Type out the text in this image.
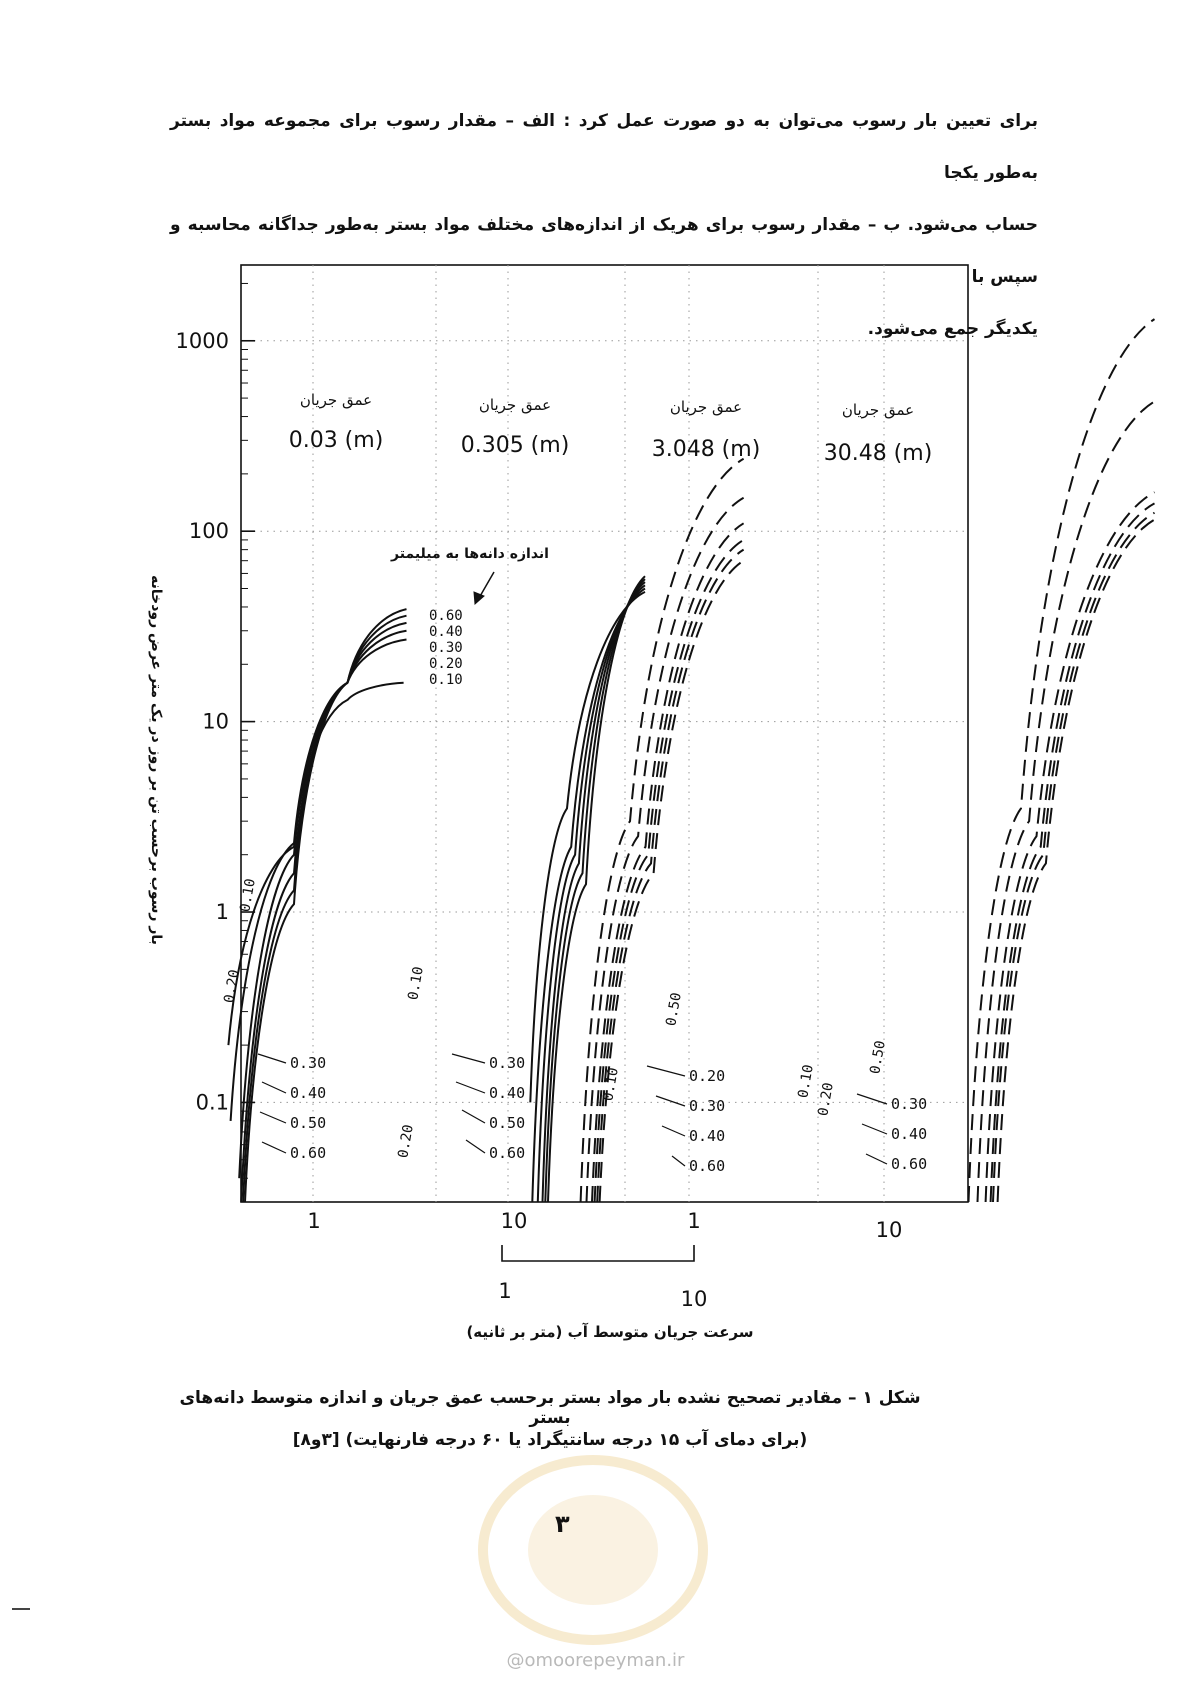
برای تعیین بار رسوب می‌توان به دو صورت عمل کرد : الف – مقدار رسوب برای مجموعه مواد بستر به‌طور یکجا

حساب می‌شود. ب – مقدار رسوب برای هریک از اندازه‌های مختلف مواد بستر به‌طور جداگانه محاسبه و سپس با

یکدیگر جمع می‌شود.

1000
100
10
1
0.1
بار رسوب برحسب تن بر روز در یک متر عرض رودخانه
1	10	1	10
1	10
سرعت جریان متوسط آب (متر بر ثانیه)
عمق جریان
0.03 (m)
عمق جریان
0.305 (m)
عمق جریان
3.048 (m)
عمق جریان
30.48 (m)
اندازه دانه‌ها به میلیمتر
0.60
0.40
0.30
0.20
0.10
0.10
0.20	0.10
0.20
0.10
0.50
0.10
0.20
0.50
0.30
0.40
0.50
0.60
0.30
0.40
0.50
0.60
0.20
0.30
0.40
0.60
0.30
0.40
0.60
شکل ۱ – مقادیر تصحیح نشده بار مواد بستر برحسب عمق جریان و اندازه متوسط دانه‌های بستر
(برای دمای آب ۱۵ درجه سانتیگراد یا ۶۰ درجه فارنهایت) [۳و۸]
۳
@omoorepeyman.ir
